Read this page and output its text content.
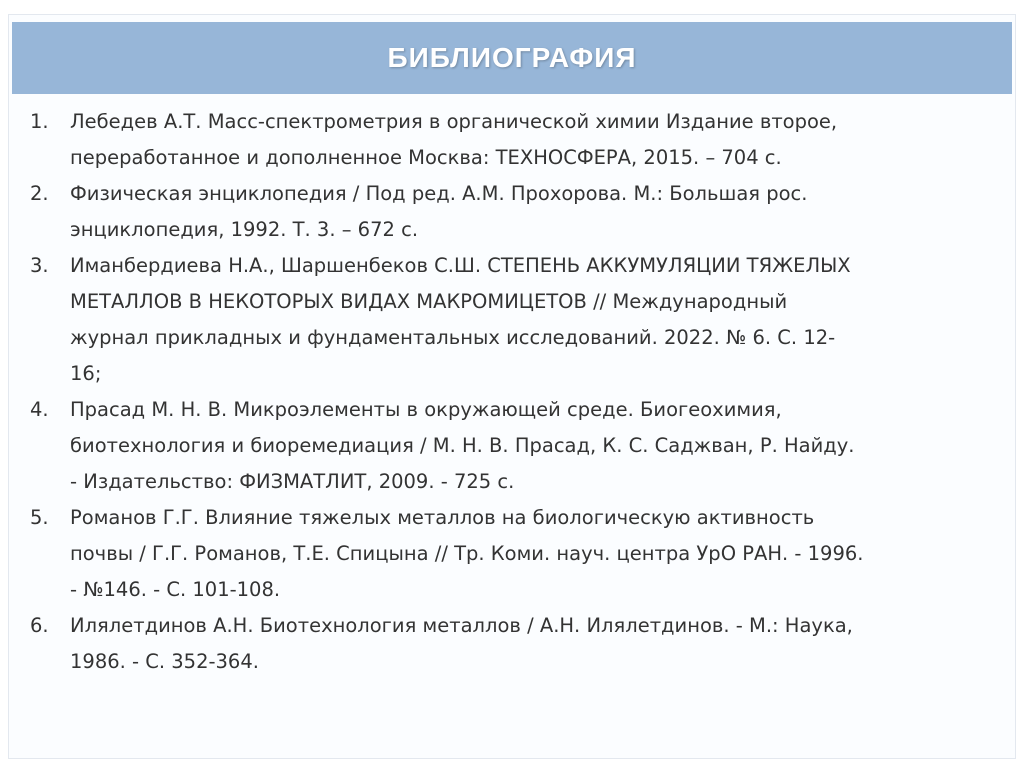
БИБЛИОГРАФИЯ
1.	Лебедев А.Т. Масс-спектрометрия в органической химии Издание второе,
переработанное и дополненное Москва: ТЕХНОСФЕРА, 2015. – 704 с.
2.	Физическая энциклопедия / Под ред. А.М. Прохорова. М.: Большая рос.
энциклопедия, 1992. Т. 3. – 672 с.
3.	Иманбердиева Н.А., Шаршенбеков С.Ш. СТЕПЕНЬ АККУМУЛЯЦИИ ТЯЖЕЛЫХ
МЕТАЛЛОВ В НЕКОТОРЫХ ВИДАХ МАКРОМИЦЕТОВ // Международный
журнал прикладных и фундаментальных исследований. 2022. № 6. С. 12-
16;
4.	Прасад М. Н. В. Микроэлементы в окружающей среде. Биогеохимия,
биотехнология и биоремедиация / М. Н. В. Прасад, К. С. Саджван, Р. Найду.
- Издательство: ФИЗМАТЛИТ, 2009. - 725 с.
5.	Романов Г.Г. Влияние тяжелых металлов на биологическую активность
почвы / Г.Г. Романов, Т.Е. Спицына // Тр. Коми. науч. центра УрО РАН. - 1996.
- №146. - С. 101-108.
6.	Илялетдинов А.Н. Биотехнология металлов / А.Н. Илялетдинов. - М.: Наука,
1986. - С. 352-364.
